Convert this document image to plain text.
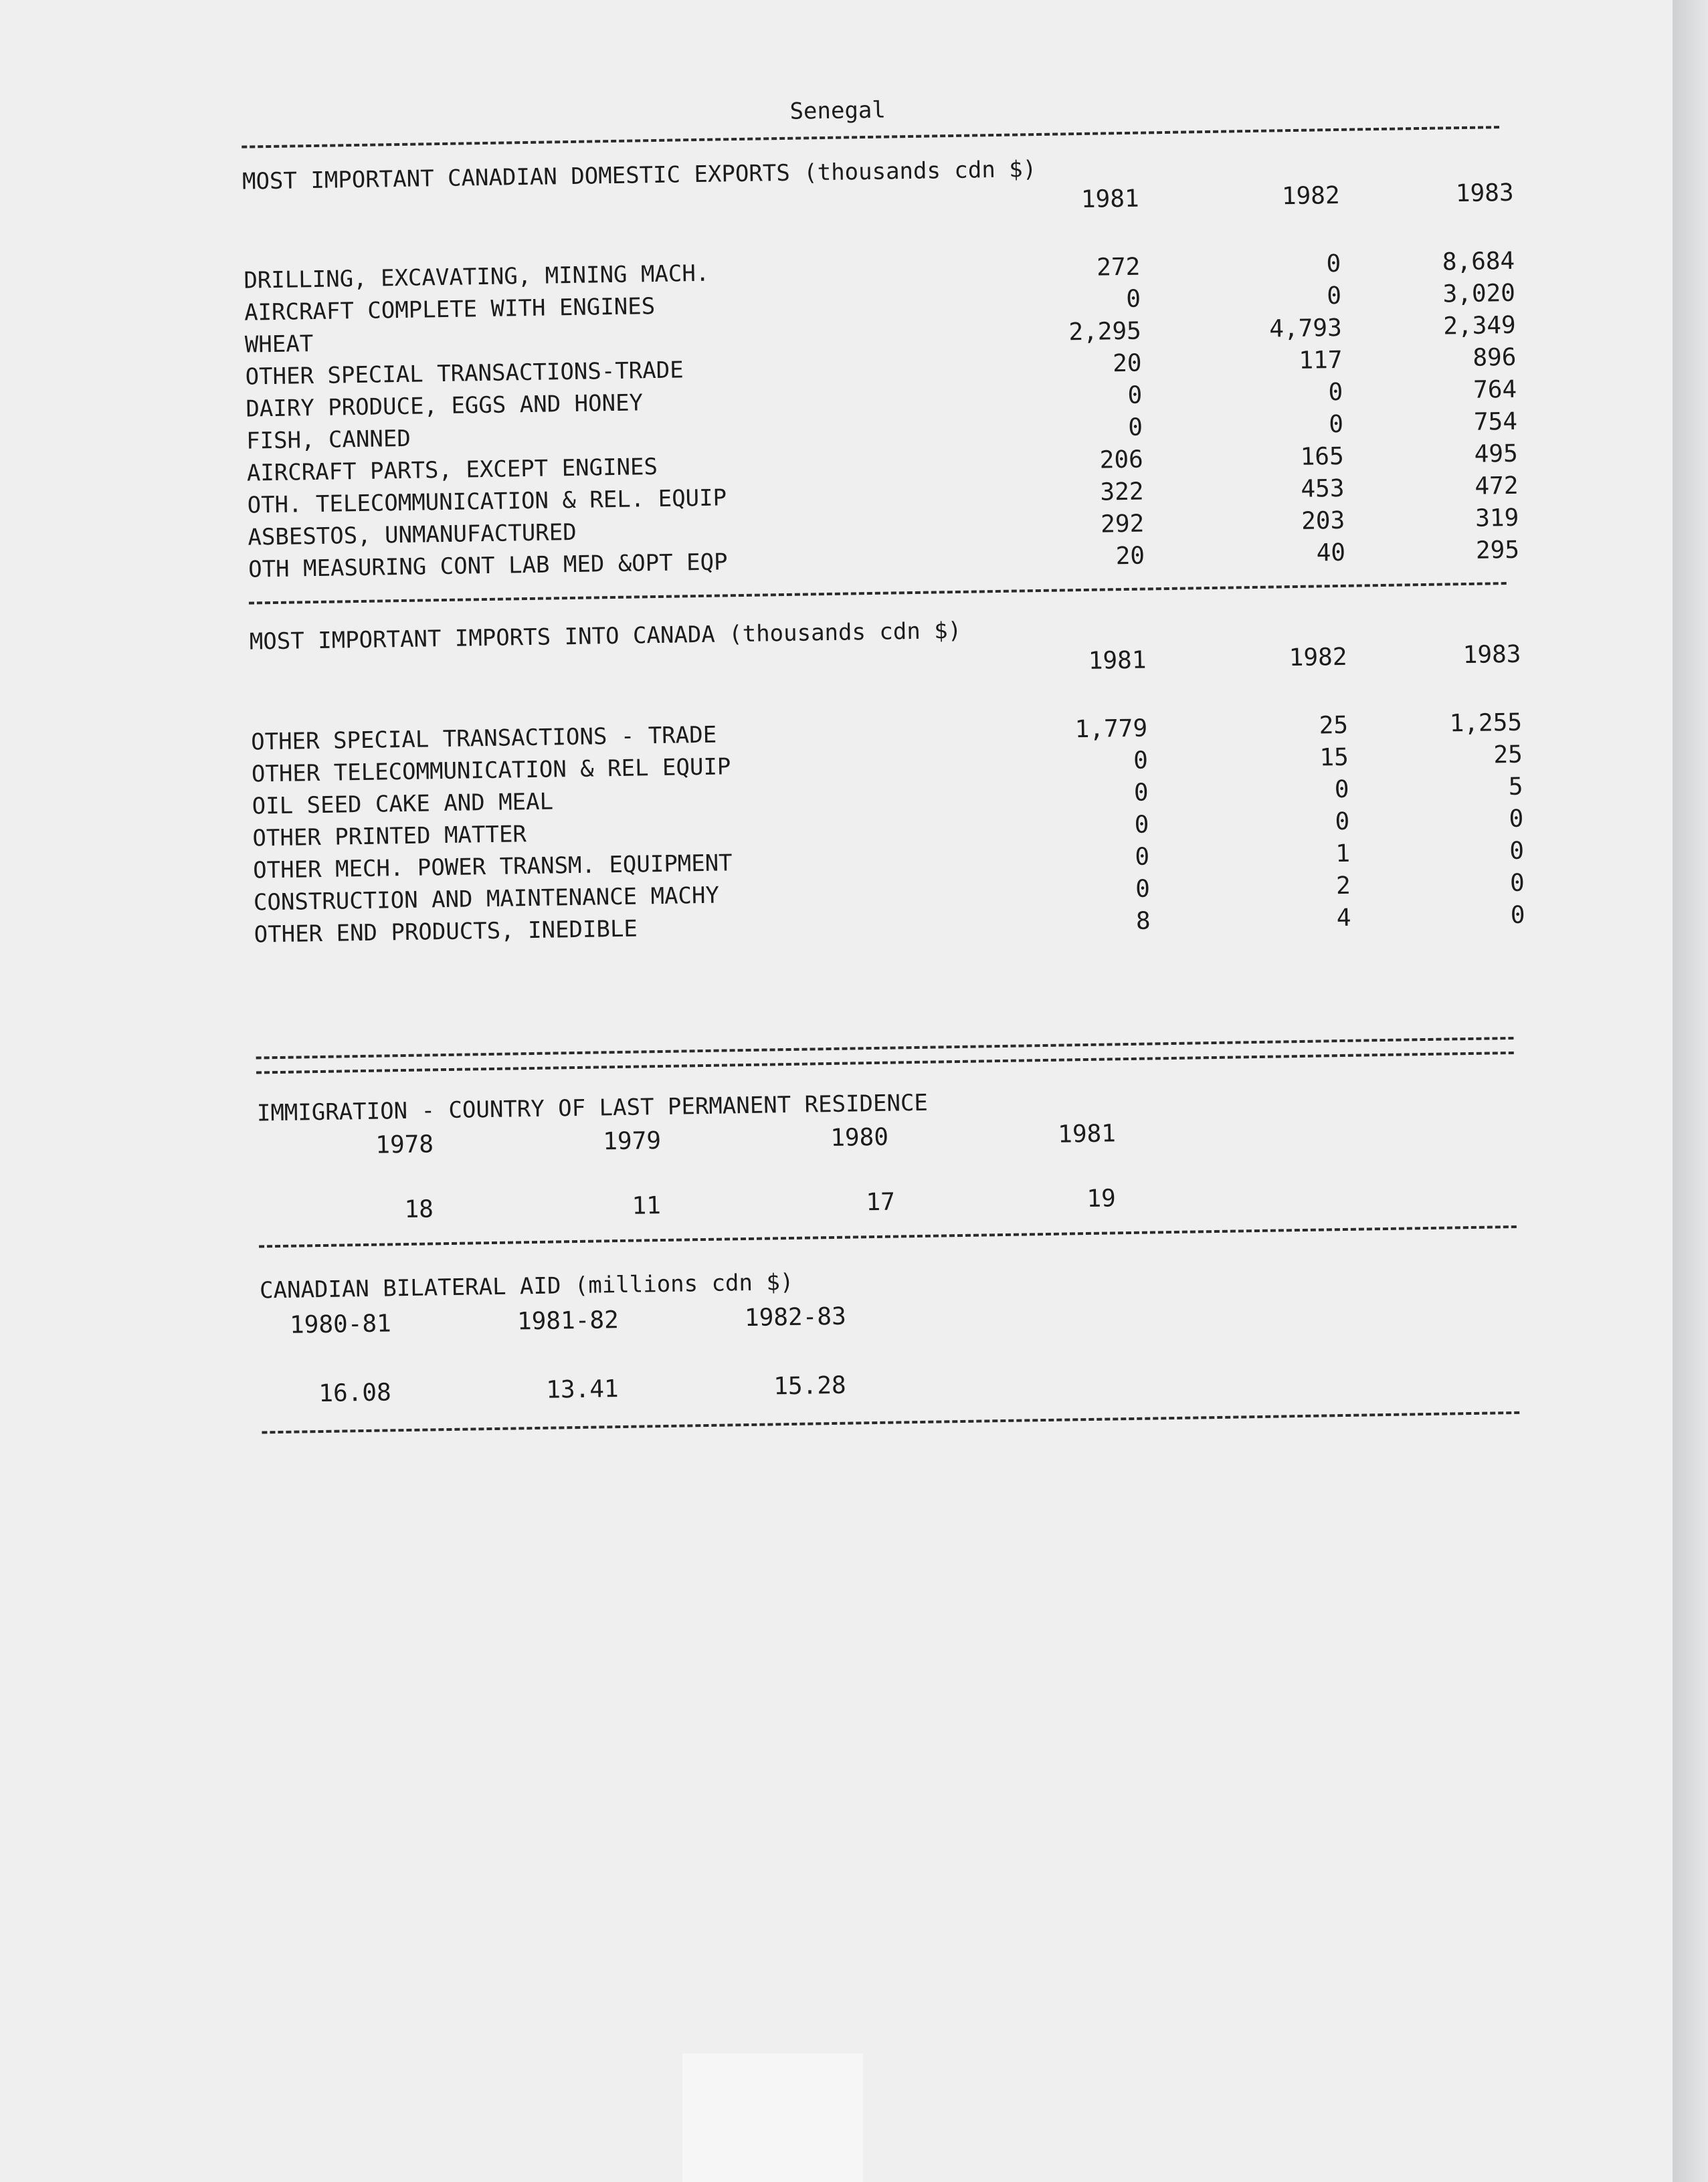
Senegal
MOST IMPORTANT CANADIAN DOMESTIC EXPORTS (thousands cdn $)
1981	1982	1983
DRILLING, EXCAVATING, MINING MACH.	272	0	8,684
AIRCRAFT COMPLETE WITH ENGINES	0	0	3,020
WHEAT	2,295	4,793	2,349
OTHER SPECIAL TRANSACTIONS-TRADE	20	117	896
DAIRY PRODUCE, EGGS AND HONEY	0	0	764
FISH, CANNED	0	0	754
AIRCRAFT PARTS, EXCEPT ENGINES	206	165	495
OTH. TELECOMMUNICATION & REL. EQUIP	322	453	472
ASBESTOS, UNMANUFACTURED	292	203	319
OTH MEASURING CONT LAB MED &OPT EQP	20	40	295
MOST IMPORTANT IMPORTS INTO CANADA (thousands cdn $)
1981	1982	1983
OTHER SPECIAL TRANSACTIONS - TRADE	1,779	25	1,255
OTHER TELECOMMUNICATION & REL EQUIP	0	15	25
OIL SEED CAKE AND MEAL	0	0	5
OTHER PRINTED MATTER	0	0	0
OTHER MECH. POWER TRANSM. EQUIPMENT	0	1	0
CONSTRUCTION AND MAINTENANCE MACHY	0	2	0
OTHER END PRODUCTS, INEDIBLE	8	4	0
IMMIGRATION - COUNTRY OF LAST PERMANENT RESIDENCE
1978	1979	1980	1981
18	11	17	19
CANADIAN BILATERAL AID (millions cdn $)
1980-81	1981-82	1982-83
16.08	13.41	15.28
